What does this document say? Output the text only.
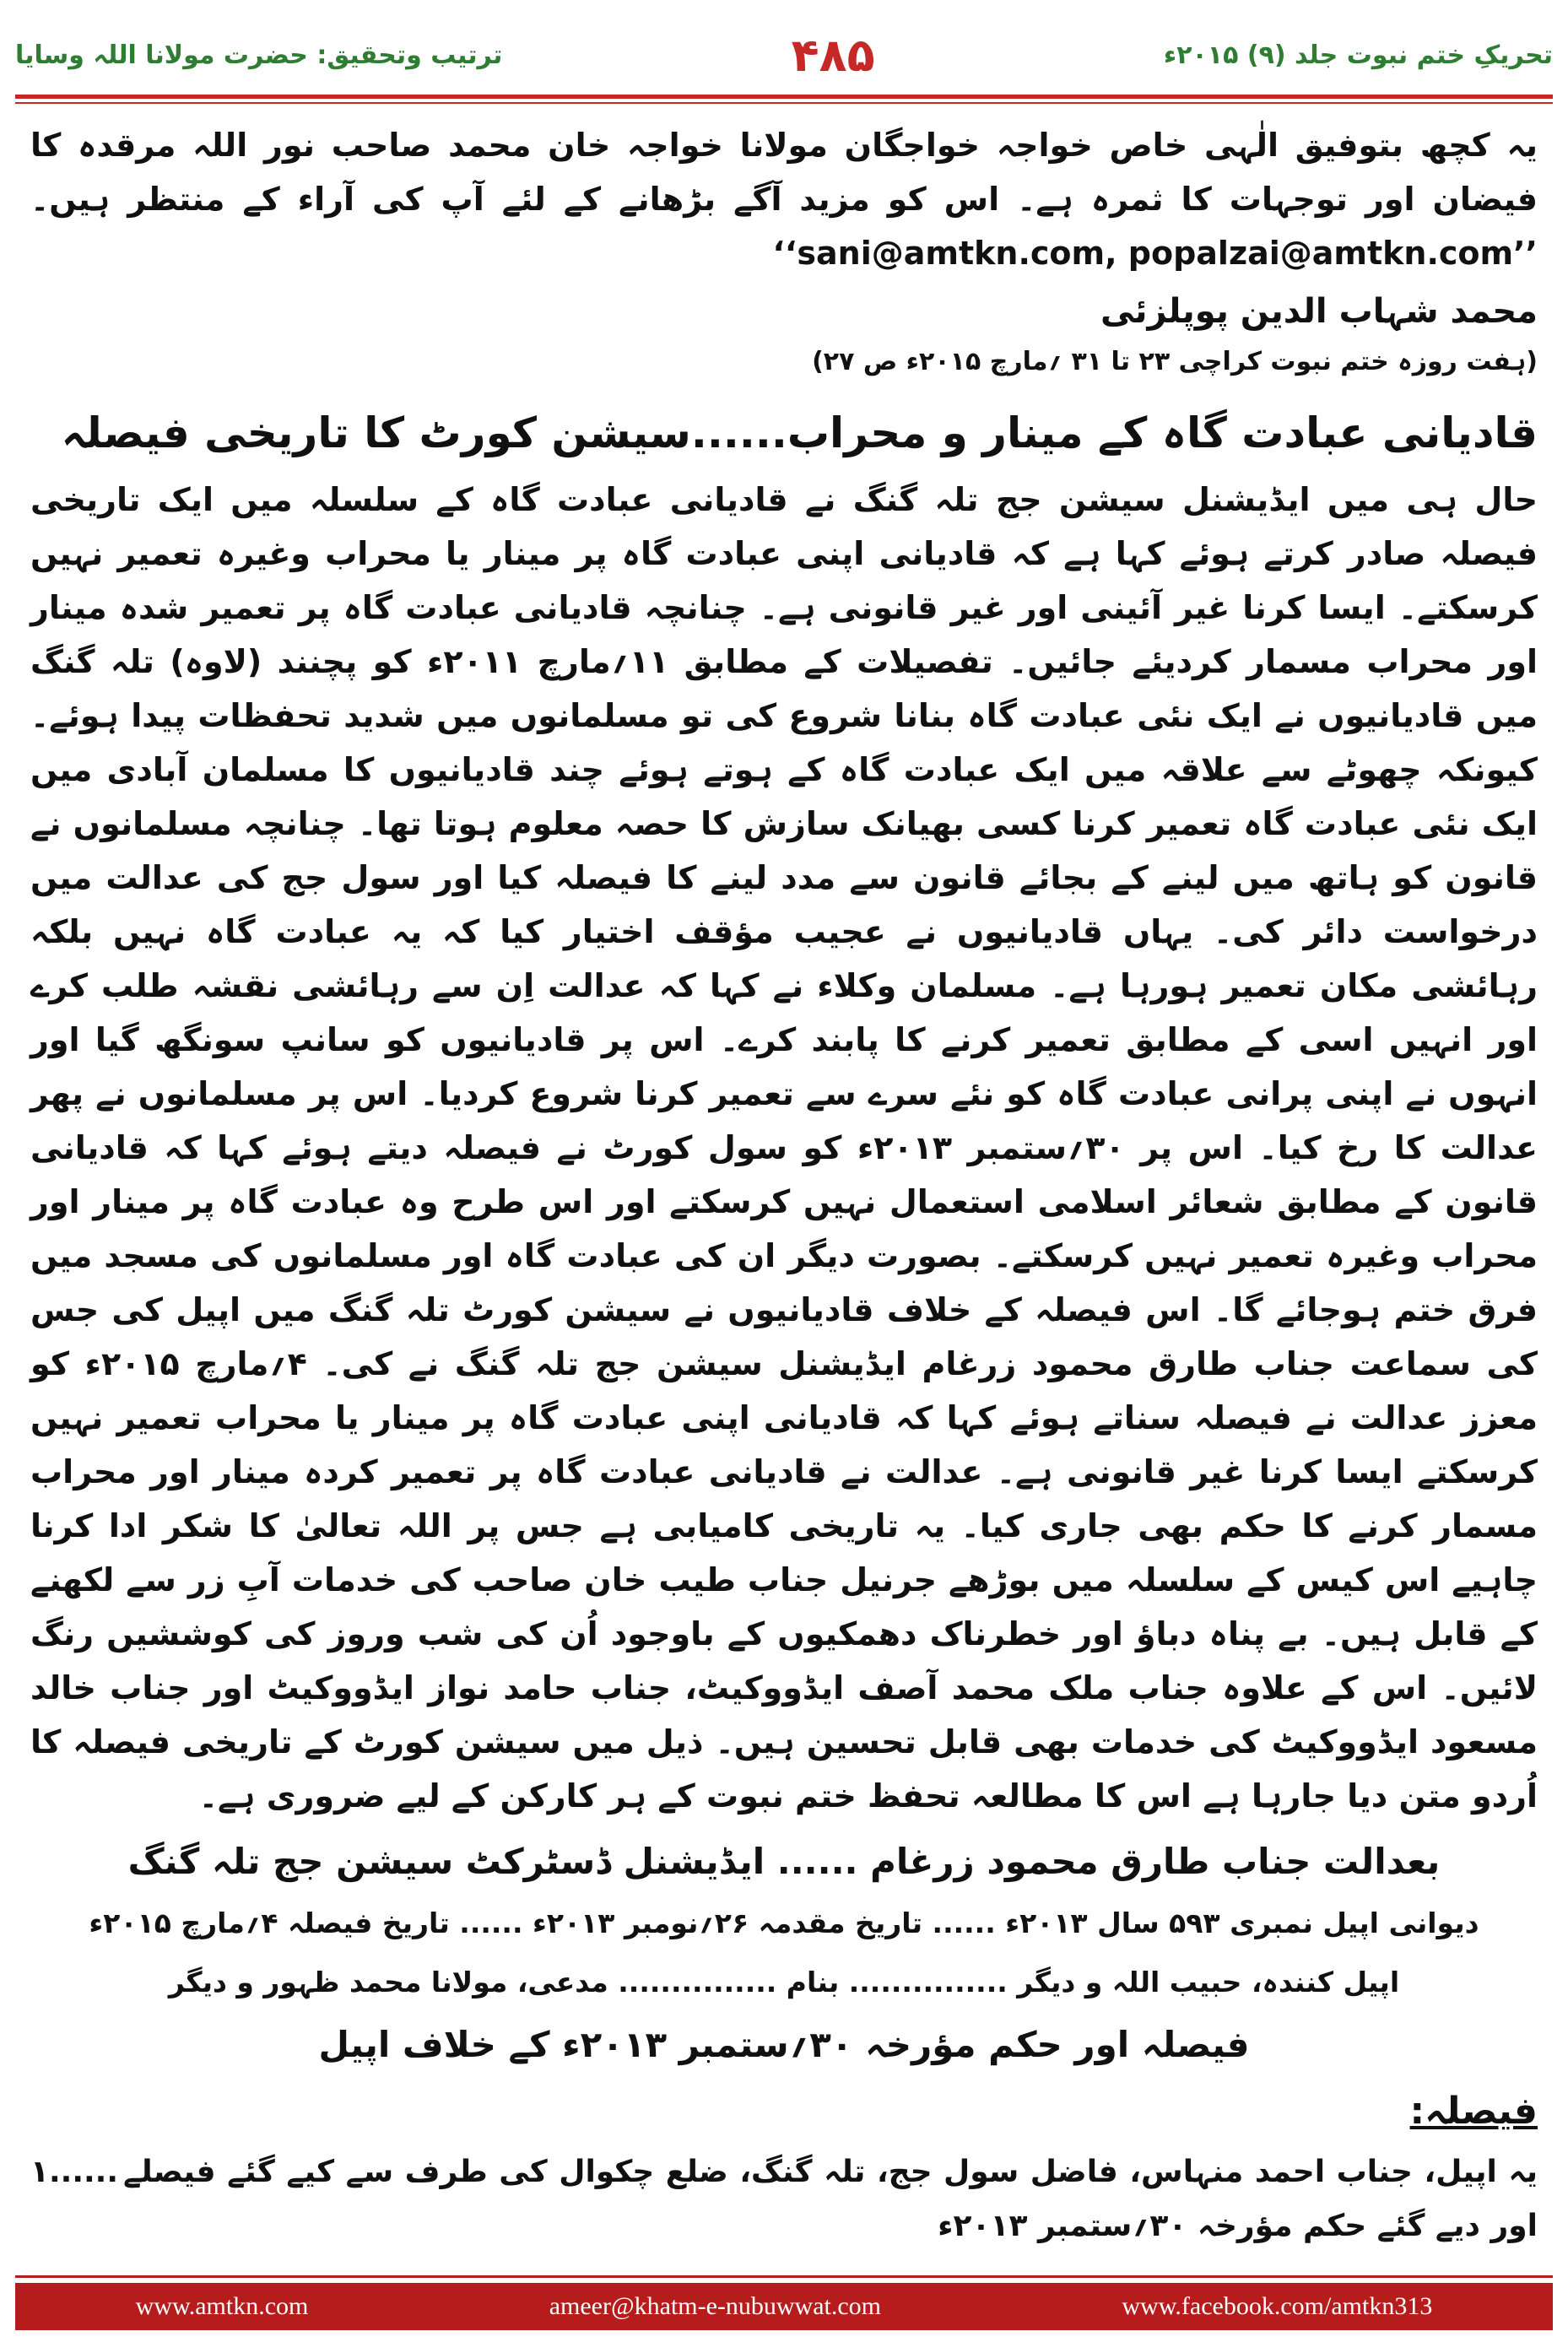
ترتیب وتحقیق: حضرت مولانا اللہ وسایا	۴۸۵	تحریکِ ختم نبوت جلد (۹) ۲۰۱۵ء

یہ کچھ بتوفیق الٰہی خاص خواجہ خواجگان مولانا خواجہ خان محمد صاحب نور اللہ مرقدہ کا فیضان اور توجہات کا ثمرہ ہے۔ اس کو مزید آگے بڑھانے کے لئے آپ کی آراء کے منتظر ہیں۔ ’’sani@amtkn.com, popalzai@amtkn.com‘‘

محمد شہاب الدین پوپلزئی
(ہفت روزہ ختم نبوت کراچی ۲۳ تا ۳۱ ؍مارچ ۲۰۱۵ء ص ۲۷)
قادیانی عبادت گاہ کے مینار و محراب......سیشن کورٹ کا تاریخی فیصلہ

حال ہی میں ایڈیشنل سیشن جج تلہ گنگ نے قادیانی عبادت گاہ کے سلسلہ میں ایک تاریخی فیصلہ صادر کرتے ہوئے کہا ہے کہ قادیانی اپنی عبادت گاہ پر مینار یا محراب وغیرہ تعمیر نہیں کرسکتے۔ ایسا کرنا غیر آئینی اور غیر قانونی ہے۔ چنانچہ قادیانی عبادت گاہ پر تعمیر شدہ مینار اور محراب مسمار کردیئے جائیں۔ تفصیلات کے مطابق ۱۱؍مارچ ۲۰۱۱ء کو پچنند (لاوہ) تلہ گنگ میں قادیانیوں نے ایک نئی عبادت گاہ بنانا شروع کی تو مسلمانوں میں شدید تحفظات پیدا ہوئے۔ کیونکہ چھوٹے سے علاقہ میں ایک عبادت گاہ کے ہوتے ہوئے چند قادیانیوں کا مسلمان آبادی میں ایک نئی عبادت گاہ تعمیر کرنا کسی بھیانک سازش کا حصہ معلوم ہوتا تھا۔ چنانچہ مسلمانوں نے قانون کو ہاتھ میں لینے کے بجائے قانون سے مدد لینے کا فیصلہ کیا اور سول جج کی عدالت میں درخواست دائر کی۔ یہاں قادیانیوں نے عجیب مؤقف اختیار کیا کہ یہ عبادت گاہ نہیں بلکہ رہائشی مکان تعمیر ہورہا ہے۔ مسلمان وکلاء نے کہا کہ عدالت اِن سے رہائشی نقشہ طلب کرے اور انہیں اسی کے مطابق تعمیر کرنے کا پابند کرے۔ اس پر قادیانیوں کو سانپ سونگھ گیا اور انہوں نے اپنی پرانی عبادت گاہ کو نئے سرے سے تعمیر کرنا شروع کردیا۔ اس پر مسلمانوں نے پھر عدالت کا رخ کیا۔ اس پر ۳۰؍ستمبر ۲۰۱۳ء کو سول کورٹ نے فیصلہ دیتے ہوئے کہا کہ قادیانی قانون کے مطابق شعائر اسلامی استعمال نہیں کرسکتے اور اس طرح وہ عبادت گاہ پر مینار اور محراب وغیرہ تعمیر نہیں کرسکتے۔ بصورت دیگر ان کی عبادت گاہ اور مسلمانوں کی مسجد میں فرق ختم ہوجائے گا۔ اس فیصلہ کے خلاف قادیانیوں نے سیشن کورٹ تلہ گنگ میں اپیل کی جس کی سماعت جناب طارق محمود زرغام ایڈیشنل سیشن جج تلہ گنگ نے کی۔ ۴؍مارچ ۲۰۱۵ء کو معزز عدالت نے فیصلہ سناتے ہوئے کہا کہ قادیانی اپنی عبادت گاہ پر مینار یا محراب تعمیر نہیں کرسکتے ایسا کرنا غیر قانونی ہے۔ عدالت نے قادیانی عبادت گاہ پر تعمیر کردہ مینار اور محراب مسمار کرنے کا حکم بھی جاری کیا۔ یہ تاریخی کامیابی ہے جس پر اللہ تعالیٰ کا شکر ادا کرنا چاہیے اس کیس کے سلسلہ میں بوڑھے جرنیل جناب طیب خان صاحب کی خدمات آبِ زر سے لکھنے کے قابل ہیں۔ بے پناہ دباؤ اور خطرناک دھمکیوں کے باوجود اُن کی شب وروز کی کوششیں رنگ لائیں۔ اس کے علاوہ جناب ملک محمد آصف ایڈووکیٹ، جناب حامد نواز ایڈووکیٹ اور جناب خالد مسعود ایڈووکیٹ کی خدمات بھی قابل تحسین ہیں۔ ذیل میں سیشن کورٹ کے تاریخی فیصلہ کا اُردو متن دیا جارہا ہے اس کا مطالعہ تحفظ ختم نبوت کے ہر کارکن کے لیے ضروری ہے۔

بعدالت جناب طارق محمود زرغام ...... ایڈیشنل ڈسٹرکٹ سیشن جج تلہ گنگ
دیوانی اپیل نمبری ۵۹۳ سال ۲۰۱۳ء ...... تاریخ مقدمہ ۲۶؍نومبر ۲۰۱۳ء ...... تاریخ فیصلہ ۴؍مارچ ۲۰۱۵ء
اپیل کنندہ، حبیب اللہ و دیگر ............... بنام ............... مدعی، مولانا محمد ظہور و دیگر
فیصلہ اور حکم مؤرخہ ۳۰؍ستمبر ۲۰۱۳ء کے خلاف اپیل
فیصلہ:
یہ اپیل، جناب احمد منہاس، فاضل سول جج، تلہ گنگ، ضلع چکوال کی طرف سے کیے گئے فیصلے اور دیے گئے حکم مؤرخہ ۳۰؍ستمبر ۲۰۱۳ء
۱......
www.amtkn.com	ameer@khatm-e-nubuwwat.com	www.facebook.com/amtkn313
